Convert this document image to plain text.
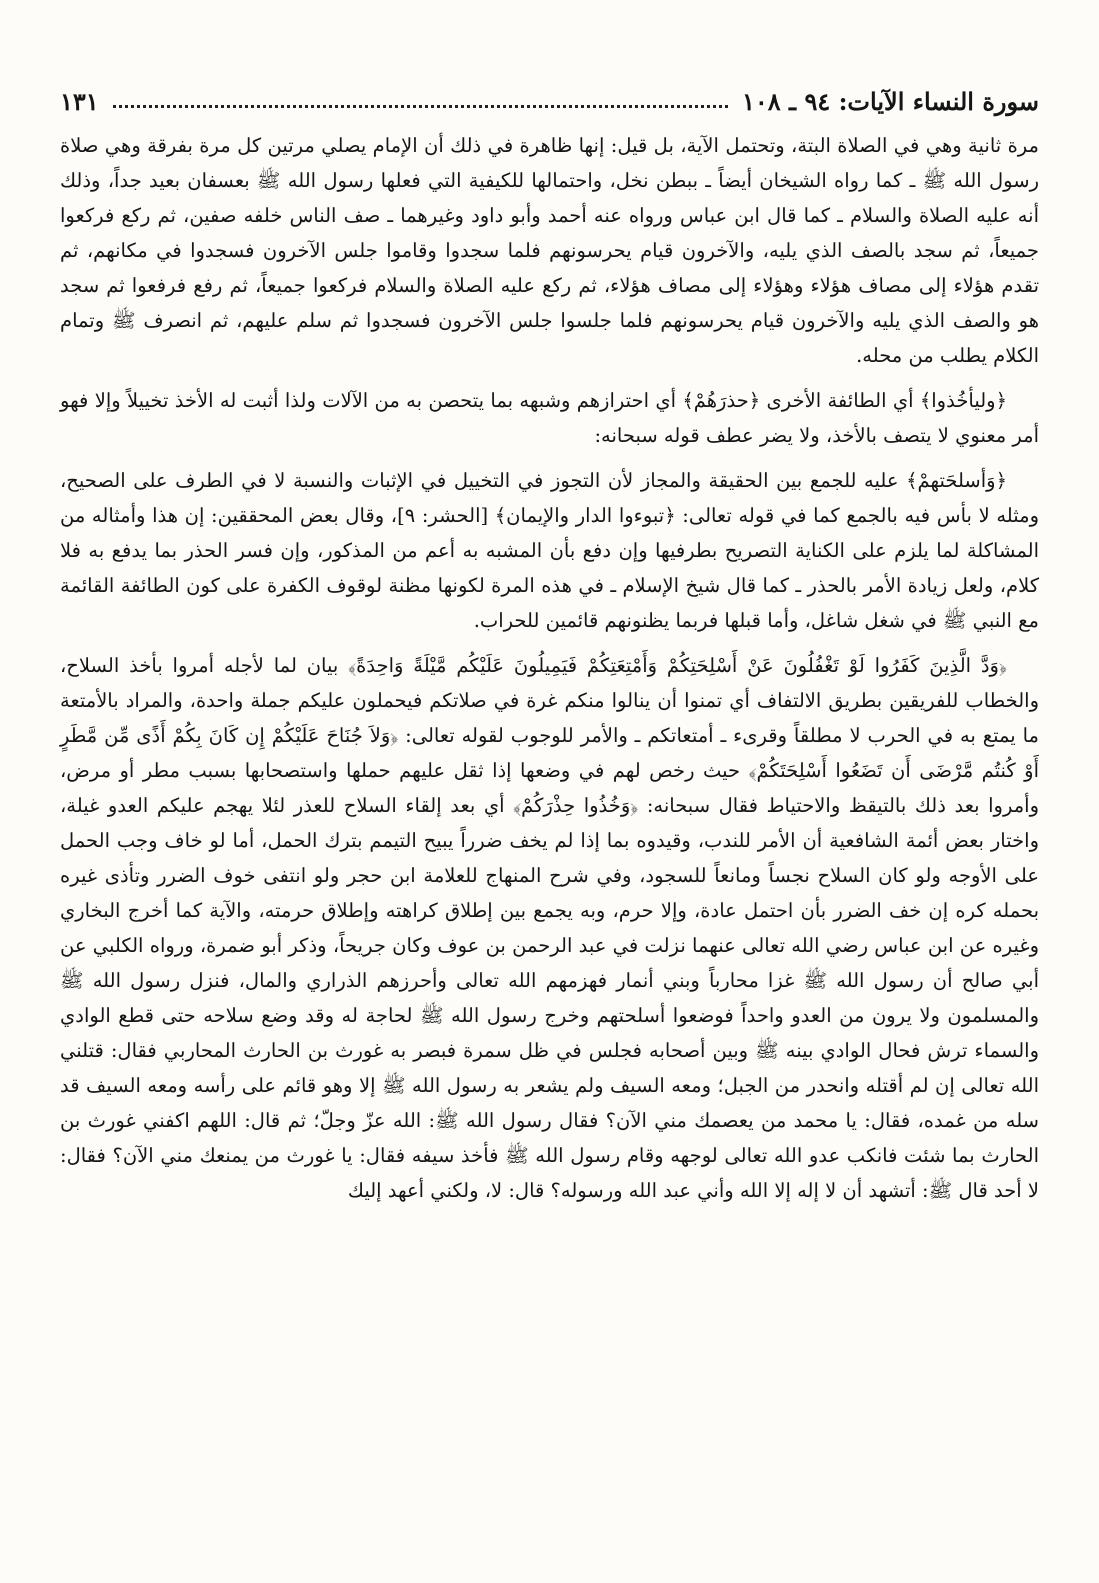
سورة النساء الآيات: ٩٤ ـ ١٠٨
١٣١

مرة ثانية وهي في الصلاة البتة، وتحتمل الآية، بل قيل: إنها ظاهرة في ذلك أن الإمام يصلي مرتين كل مرة بفرقة وهي صلاة رسول الله ﷺ ـ كما رواه الشيخان أيضاً ـ ببطن نخل، واحتمالها للكيفية التي فعلها رسول الله ﷺ بعسفان بعيد جداً، وذلك أنه عليه الصلاة والسلام ـ كما قال ابن عباس ورواه عنه أحمد وأبو داود وغيرهما ـ صف الناس خلفه صفين، ثم ركع فركعوا جميعاً، ثم سجد بالصف الذي يليه، والآخرون قيام يحرسونهم فلما سجدوا وقاموا جلس الآخرون فسجدوا في مكانهم، ثم تقدم هؤلاء إلى مصاف هؤلاء وهؤلاء إلى مصاف هؤلاء، ثم ركع عليه الصلاة والسلام فركعوا جميعاً، ثم رفع فرفعوا ثم سجد هو والصف الذي يليه والآخرون قيام يحرسونهم فلما جلسوا جلس الآخرون فسجدوا ثم سلم عليهم، ثم انصرف ﷺ وتمام الكلام يطلب من محله.

﴿وليأخُذوا﴾ أي الطائفة الأخرى ﴿حذرَهُمْ﴾ أي احترازهم وشبهه بما يتحصن به من الآلات ولذا أثبت له الأخذ تخييلاً وإلا فهو أمر معنوي لا يتصف بالأخذ، ولا يضر عطف قوله سبحانه:

﴿وَأسلحَتهمْ﴾ عليه للجمع بين الحقيقة والمجاز لأن التجوز في التخييل في الإثبات والنسبة لا في الطرف على الصحيح، ومثله لا بأس فيه بالجمع كما في قوله تعالى: ﴿تبوءوا الدار والإيمان﴾ [الحشر: ٩]، وقال بعض المحققين: إن هذا وأمثاله من المشاكلة لما يلزم على الكناية التصريح بطرفيها وإن دفع بأن المشبه به أعم من المذكور، وإن فسر الحذر بما يدفع به فلا كلام، ولعل زيادة الأمر بالحذر ـ كما قال شيخ الإسلام ـ في هذه المرة لكونها مظنة لوقوف الكفرة على كون الطائفة القائمة مع النبي ﷺ في شغل شاغل، وأما قبلها فربما يظنونهم قائمين للحراب.

﴿وَدَّ الَّذِينَ كَفَرُوا لَوْ تَغْفُلُونَ عَنْ أَسْلِحَتِكُمْ وَأَمْتِعَتِكُمْ فَيَمِيلُونَ عَلَيْكُم مَّيْلَةً وَاحِدَةً﴾ بيان لما لأجله أمروا بأخذ السلاح، والخطاب للفريقين بطريق الالتفاف أي تمنوا أن ينالوا منكم غرة في صلاتكم فيحملون عليكم جملة واحدة، والمراد بالأمتعة ما يمتع به في الحرب لا مطلقاً وقرىء ـ أمتعاتكم ـ والأمر للوجوب لقوله تعالى: ﴿وَلاَ جُنَاحَ عَلَيْكُمْ إِن كَانَ بِكُمْ أَذًى مِّن مَّطَرٍ أَوْ كُنتُم مَّرْضَى أَن تَضَعُوا أَسْلِحَتَكُمْ﴾ حيث رخص لهم في وضعها إذا ثقل عليهم حملها واستصحابها بسبب مطر أو مرض، وأمروا بعد ذلك بالتيقظ والاحتياط فقال سبحانه: ﴿وَخُذُوا حِذْرَكُمْ﴾ أي بعد إلقاء السلاح للعذر لئلا يهجم عليكم العدو غيلة، واختار بعض أئمة الشافعية أن الأمر للندب، وقيدوه بما إذا لم يخف ضرراً يبيح التيمم بترك الحمل، أما لو خاف وجب الحمل على الأوجه ولو كان السلاح نجساً ومانعاً للسجود، وفي شرح المنهاج للعلامة ابن حجر ولو انتفى خوف الضرر وتأذى غيره بحمله كره إن خف الضرر بأن احتمل عادة، وإلا حرم، وبه يجمع بين إطلاق كراهته وإطلاق حرمته، والآية كما أخرج البخاري وغيره عن ابن عباس رضي الله تعالى عنهما نزلت في عبد الرحمن بن عوف وكان جريحاً، وذكر أبو ضمرة، ورواه الكلبي عن أبي صالح أن رسول الله ﷺ غزا محارباً وبني أنمار فهزمهم الله تعالى وأحرزهم الذراري والمال، فنزل رسول الله ﷺ والمسلمون ولا يرون من العدو واحداً فوضعوا أسلحتهم وخرج رسول الله ﷺ لحاجة له وقد وضع سلاحه حتى قطع الوادي والسماء ترش فحال الوادي بينه ﷺ وبين أصحابه فجلس في ظل سمرة فبصر به غورث بن الحارث المحاربي فقال: قتلني الله تعالى إن لم أقتله وانحدر من الجبل؛ ومعه السيف ولم يشعر به رسول الله ﷺ إلا وهو قائم على رأسه ومعه السيف قد سله من غمده، فقال: يا محمد من يعصمك مني الآن؟ فقال رسول الله ﷺ: الله عزّ وجلّ؛ ثم قال: اللهم اكفني غورث بن الحارث بما شئت فانكب عدو الله تعالى لوجهه وقام رسول الله ﷺ فأخذ سيفه فقال: يا غورث من يمنعك مني الآن؟ فقال: لا أحد قال ﷺ: أتشهد أن لا إله إلا الله وأني عبد الله ورسوله؟ قال: لا، ولكني أعهد إليك
